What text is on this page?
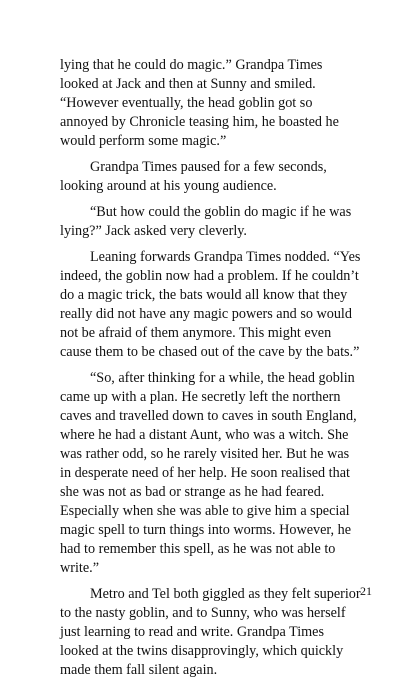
lying that he could do magic.” Grandpa Times looked at Jack and then at Sunny and smiled. “However eventually, the head goblin got so annoyed by Chronicle teasing him, he boasted he would perform some magic.”

Grandpa Times paused for a few seconds, looking around at his young audience.

“But how could the goblin do magic if he was lying?” Jack asked very cleverly.

Leaning forwards Grandpa Times nodded. “Yes indeed, the goblin now had a problem. If he couldn’t do a magic trick, the bats would all know that they really did not have any magic powers and so would not be afraid of them anymore. This might even cause them to be chased out of the cave by the bats.”

“So, after thinking for a while, the head goblin came up with a plan. He secretly left the northern caves and travelled down to caves in south England, where he had a distant Aunt, who was a witch. She was rather odd, so he rarely visited her. But he was in desperate need of her help. He soon realised that she was not as bad or strange as he had feared. Especially when she was able to give him a special magic spell to turn things into worms. However, he had to remember this spell, as he was not able to write.”

Metro and Tel both giggled as they felt superior to the nasty goblin, and to Sunny, who was herself just learning to read and write. Grandpa Times looked at the twins disapprovingly, which quickly made them fall silent again.

21
